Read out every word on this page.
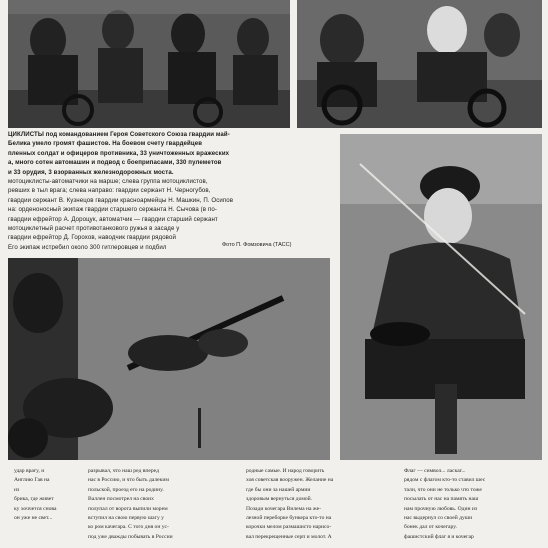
ЦИКЛИСТЫ под командованием Героя Советского Союза гвардии май-
Белика умело громят фашистов. На боевом счету гвардейцев
пленных солдат и офицеров противника, 33 уничтоженных вражеских
а, много сотен автомашин и подвод с боеприпасами, 330 пулеметов
и 33 орудия, 3 взорванных железнодорожных моста.
мотоциклисты-автоматчики на марше; слева группа мотоциклистов,
ревших в тыл врага; слева направо: гвардии сержант Н. Черногубов,
гвардии сержант В. Кузнецов гвардии красноармейцы Н. Машкин, П. Осипов
на: орденоносный экипаж гвардии старшего сержанта Н. Сычова (в по-
гвардии ефрейтор А. Дороцук, автоматчик — гвардии старший сержант
мотоциклетный расчет противотанкового ружья в засаде у
гвардии ефрейтор Д. Горохов, наводчик гвардии рядовой
Его экипаж истребил около 300 гитлеровцев и подбил	Фото П. Фомзовича (ТАСС)
удар врагу, и
Англию Гав на
из
брика, где живет
ку хоччется снова
он уже не свет...
разрывал, что наш ред вперед
нас в Россию, и что быть далеким
польской, проезд его на родину.
Валлен посмотрел на своих
полупал от ворота выпили морем
вступил на свою первую шагу у
ко ром качегара. С того дня он ус-
под уже дважды побывать в России
родные самые. И народ говорить
хоя советская вооружен. Желание на
где бы они за нашей армии
здоровым вернуться домой.
Позади кочегара Вилема на же-
лезной переборке бункера кто-то на
корочки мелом размашисто нарисо-
вал перекрещенные серп и молот. А
Флаг — символ... ласкаг...
рядом с флагом кто-то ставил шес
тали, что они не только что тоже
посылать от нас на память наш
нам прочную любовь. Один из
нас выдернул со своей души
бонек дал от кочегару.
фашистский флаг я и кочегар
